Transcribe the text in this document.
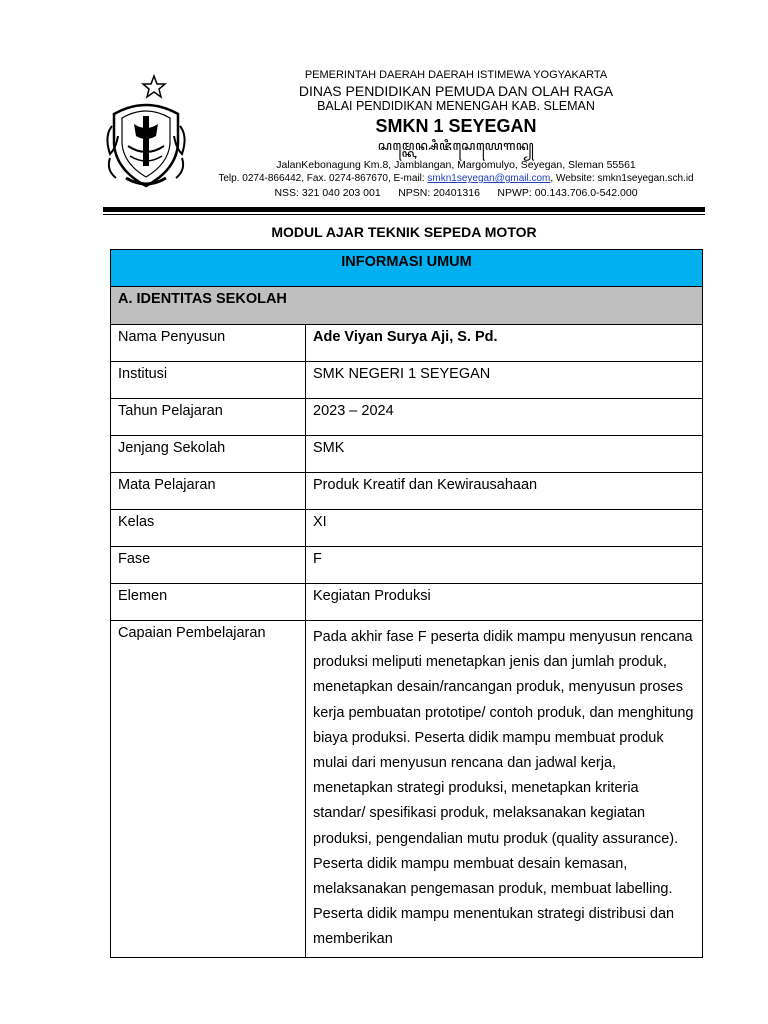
PEMERINTAH DAERAH DAERAH ISTIMEWA YOGYAKARTA
DINAS PENDIDIKAN PEMUDA DAN OLAH RAGA
BALAI PENDIDIKAN MENENGAH KAB. SLEMAN
SMKN 1 SEYEGAN
ꦱꦩ꧀ꦏꦺꦤ꧀ꦱꦶꦗꦶꦱꦺꦪꦺꦒꦤ꧀
JalanKebonagung Km.8, Jamblangan, Margomulyo, Seyegan, Sleman 55561
Telp. 0274-866442, Fax. 0274-867670, E-mail: smkn1seyegan@gmail.com, Website: smkn1seyegan.sch.id
NSS: 321 040 203 001      NPSN: 20401316      NPWP: 00.143.706.0-542.000
MODUL AJAR TEKNIK SEPEDA MOTOR
INFORMASI UMUM	
A. IDENTITAS SEKOLAH	
Nama Penyusun	Ade Viyan Surya Aji, S. Pd.
Institusi	SMK NEGERI 1 SEYEGAN
Tahun Pelajaran	2023 – 2024
Jenjang Sekolah	SMK
Mata Pelajaran	Produk Kreatif dan Kewirausahaan
Kelas	XI
Fase	F
Elemen	Kegiatan Produksi
Capaian Pembelajaran	Pada akhir fase F peserta didik mampu menyusun rencana produksi meliputi menetapkan jenis dan jumlah produk, menetapkan desain/rancangan produk, menyusun proses kerja pembuatan prototipe/ contoh produk, dan menghitung biaya produksi. Peserta didik mampu membuat produk mulai dari menyusun rencana dan jadwal kerja, menetapkan strategi produksi, menetapkan kriteria standar/ spesifikasi produk, melaksanakan kegiatan produksi, pengendalian mutu produk (quality assurance). Peserta didik mampu membuat desain kemasan, melaksanakan pengemasan produk, membuat labelling. Peserta didik mampu menentukan strategi distribusi dan memberikan
